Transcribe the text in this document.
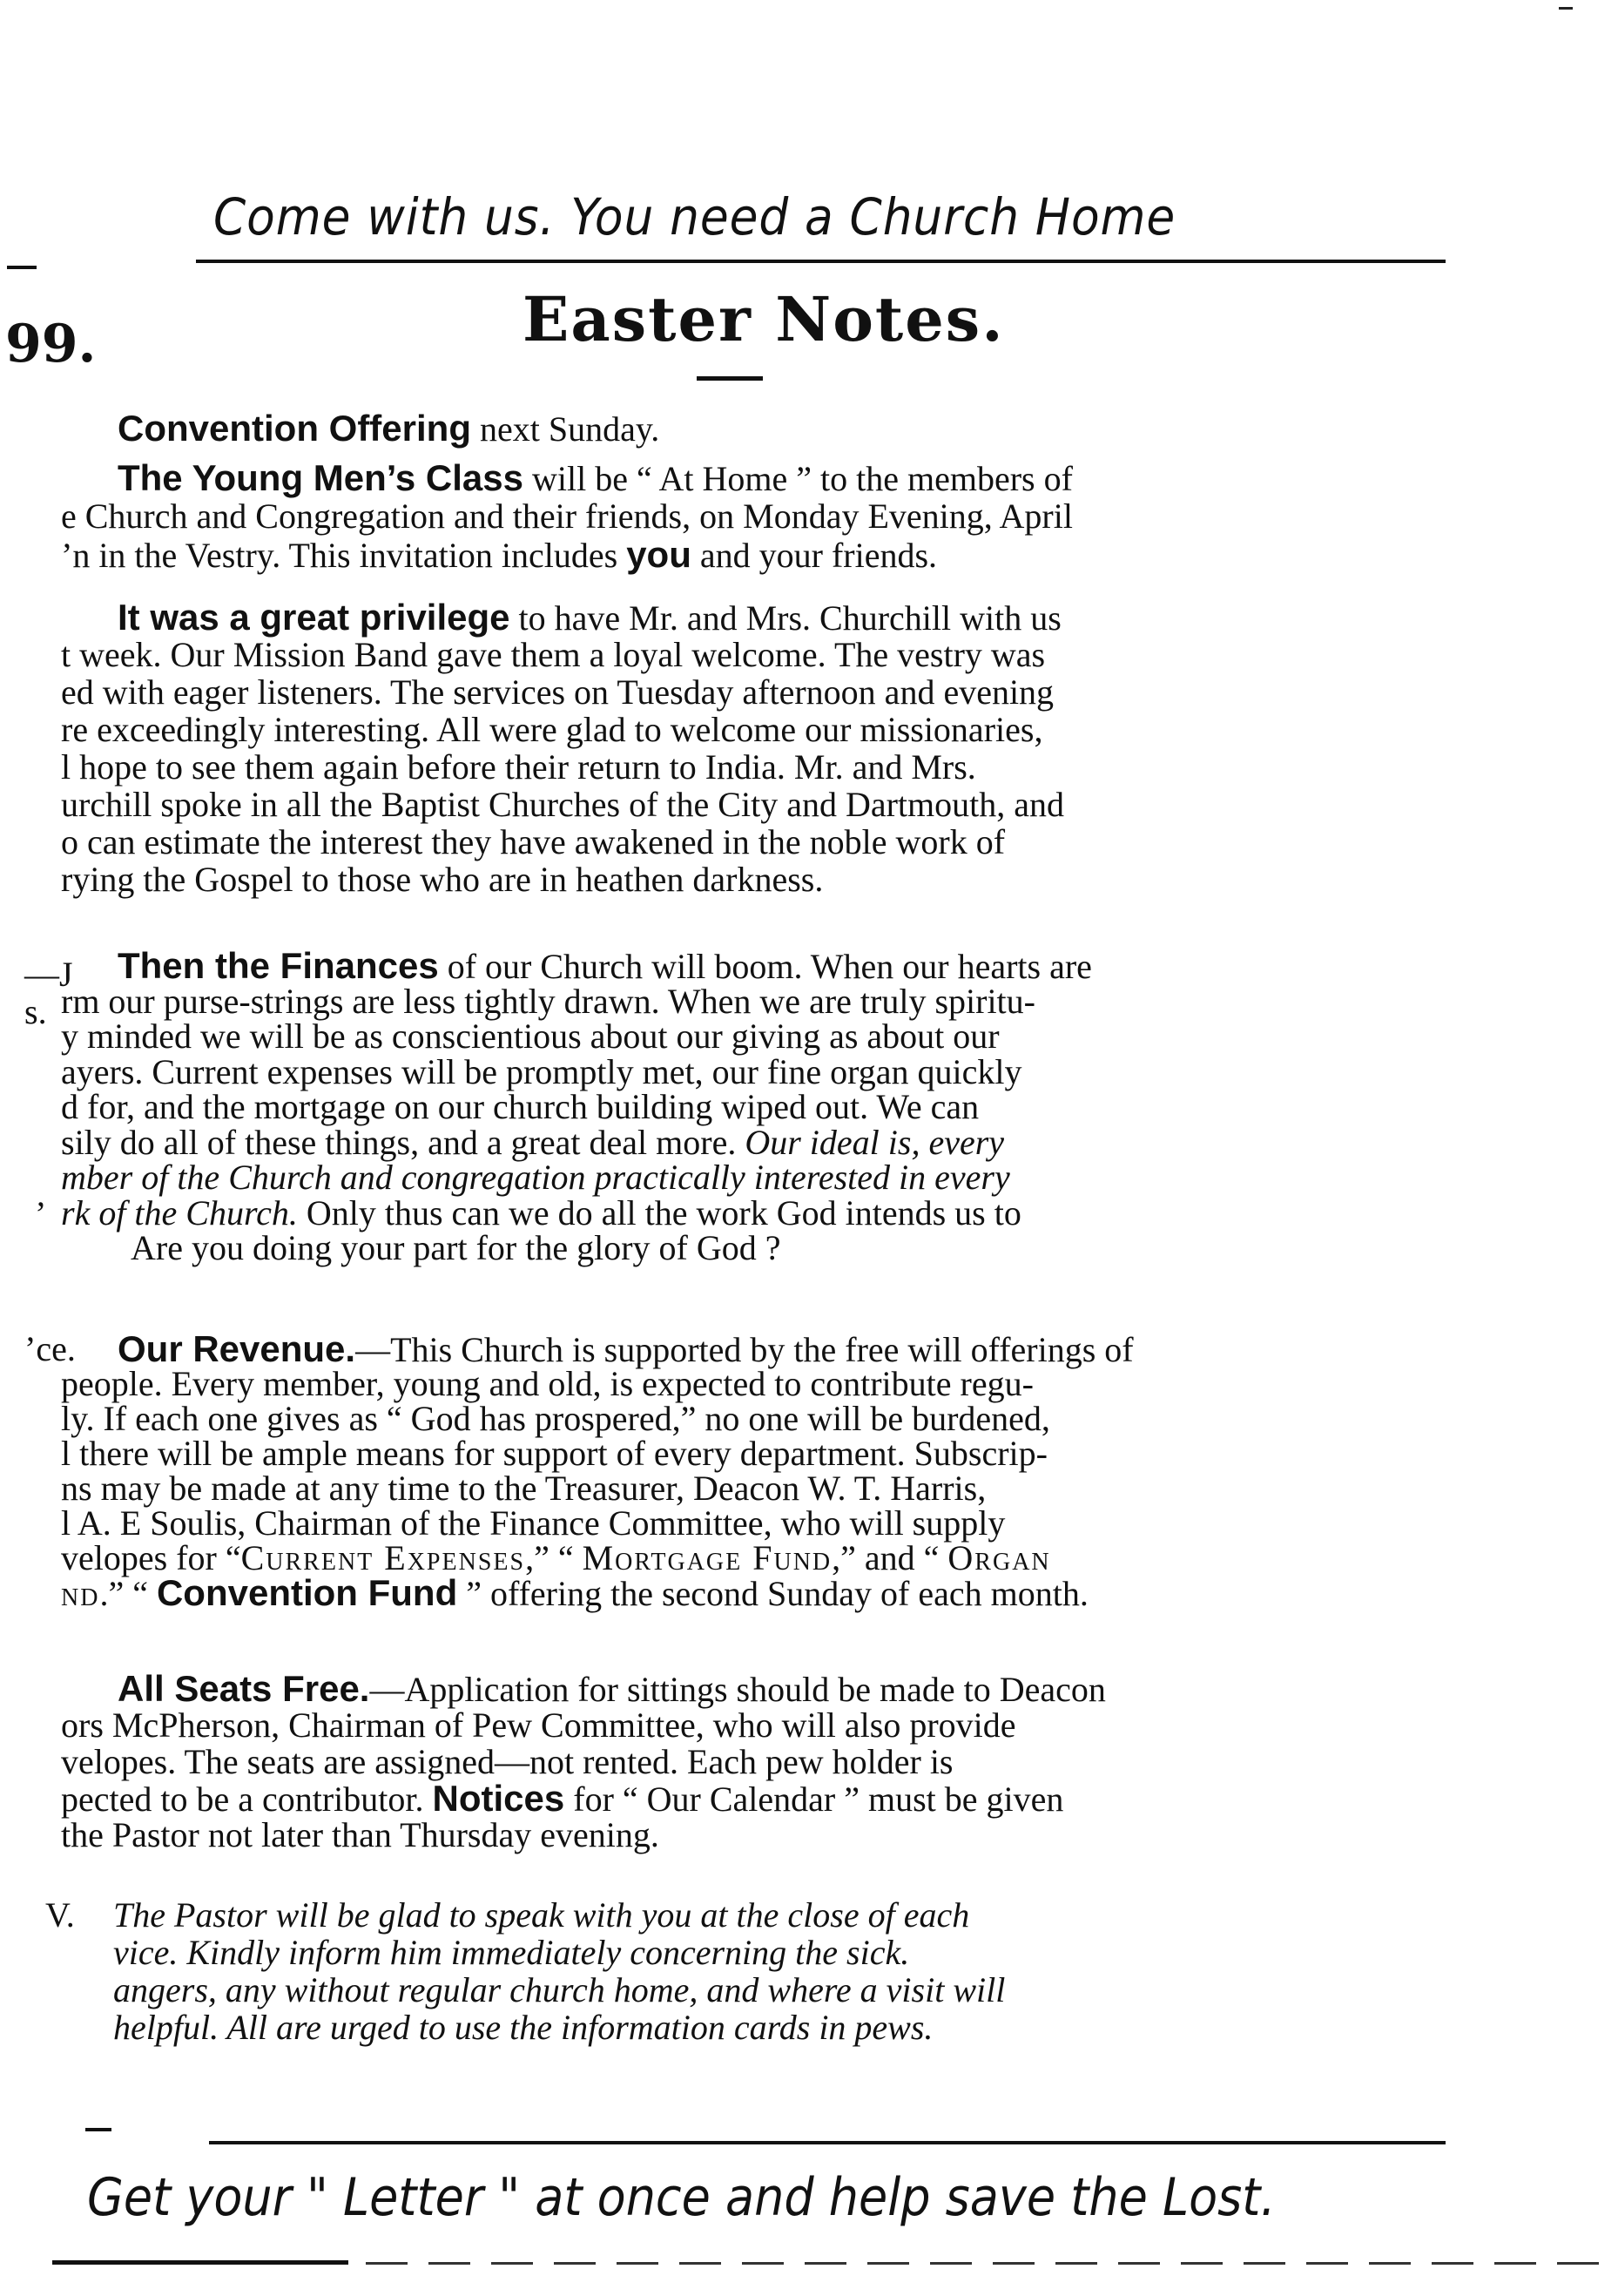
Come with us. You need a Church Home
99.	Easter Notes.
Convention Offering next Sunday.
The Young Men’s Class will be “ At Home ” to the members of
e Church and Congregation and their friends, on Monday Evening, April
’n in the Vestry. This invitation includes you and your friends.
It was a great privilege to have Mr. and Mrs. Churchill with us
t week. Our Mission Band gave them a loyal welcome. The vestry was
ed with eager listeners. The services on Tuesday afternoon and evening
re exceedingly interesting. All were glad to welcome our missionaries,
l hope to see them again before their return to India. Mr. and Mrs.
urchill spoke in all the Baptist Churches of the City and Dartmouth, and
o can estimate the interest they have awakened in the noble work of
rying the Gospel to those who are in heathen darkness.
Then the Finances of our Church will boom. When our hearts are
rm our purse-strings are less tightly drawn. When we are truly spiritu-
y minded we will be as conscientious about our giving as about our
ayers. Current expenses will be promptly met, our fine organ quickly
d for, and the mortgage on our church building wiped out. We can
sily do all of these things, and a great deal more. Our ideal is, every
mber of the Church and congregation practically interested in every
rk of the Church. Only thus can we do all the work God intends us to
Are you doing your part for the glory of God ?
Our Revenue.—This Church is supported by the free will offerings of
people. Every member, young and old, is expected to contribute regu-
ly. If each one gives as “ God has prospered,” no one will be burdened,
l there will be ample means for support of every department. Subscrip-
ns may be made at any time to the Treasurer, Deacon W. T. Harris,
l A. E Soulis, Chairman of the Finance Committee, who will supply
velopes for “Current Expenses,” “ Mortgage Fund,” and “ Organ
nd.” “ Convention Fund ” offering the second Sunday of each month.
All Seats Free.—Application for sittings should be made to Deacon
ors McPherson, Chairman of Pew Committee, who will also provide
velopes. The seats are assigned—not rented. Each pew holder is
pected to be a contributor. Notices for “ Our Calendar ” must be given
the Pastor not later than Thursday evening.
The Pastor will be glad to speak with you at the close of each
vice. Kindly inform him immediately concerning the sick.
angers, any without regular church home, and where a visit will
helpful. All are urged to use the information cards in pews.
—J
s.
’
’ce.
V.
Get your " Letter " at once and help save the Lost.
